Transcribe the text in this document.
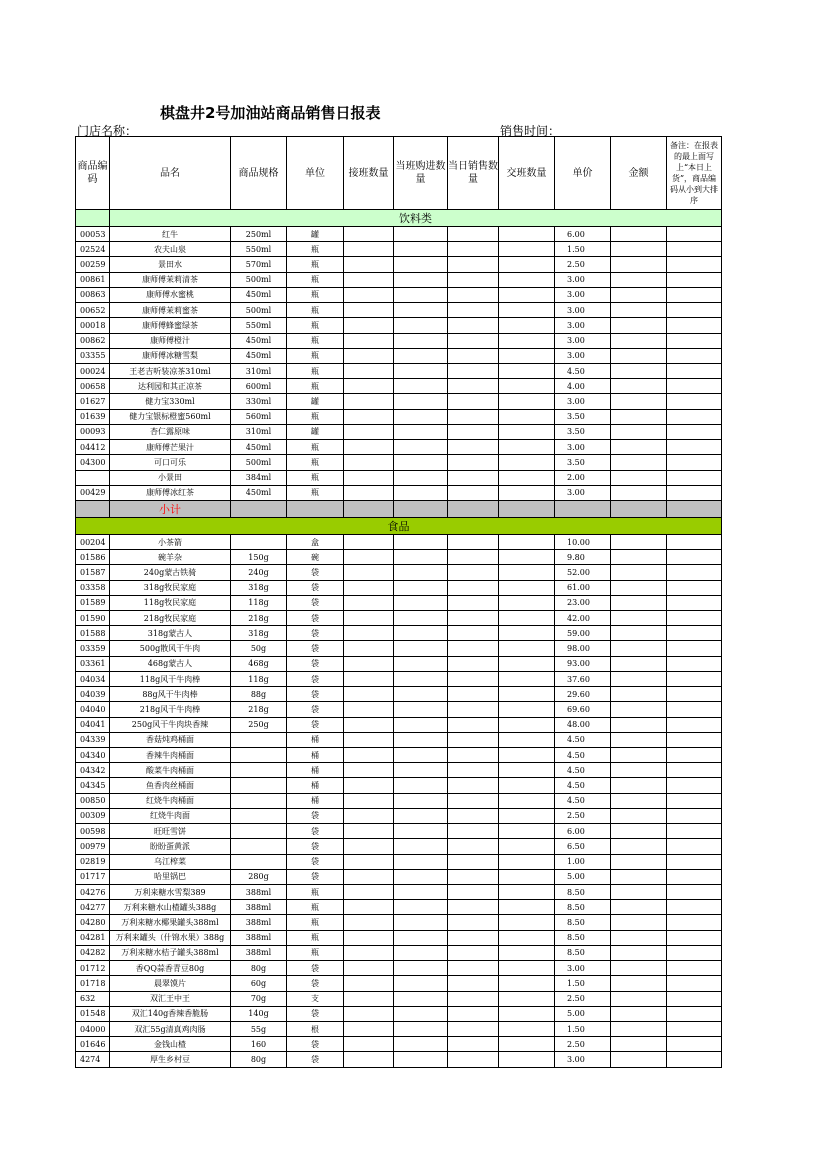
棋盘井2号加油站商品销售日报表
门店名称：	销售时间：
商品编码	品名	商品规格	单位	接班数量	当班购进数量	当日销售数量	交班数量	单价	金额	备注：在报表的最上面写上“本日上货”，商品编码从小到大排序
	饮料类									
00053	红牛	250ml	罐					6.00		
02524	农夫山泉	550ml	瓶					1.50		
00259	景田水	570ml	瓶					2.50		
00861	康师傅茉莉清茶	500ml	瓶					3.00		
00863	康师傅水蜜桃	450ml	瓶					3.00		
00652	康师傅茉莉蜜茶	500ml	瓶					3.00		
00018	康师傅蜂蜜绿茶	550ml	瓶					3.00		
00862	康师傅橙汁	450ml	瓶					3.00		
03355	康师傅冰糖雪梨	450ml	瓶					3.00		
00024	王老吉听装凉茶310ml	310ml	瓶					4.50		
00658	达利园和其正凉茶	600ml	瓶					4.00		
01627	健力宝330ml	330ml	罐					3.00		
01639	健力宝银标橙蜜560ml	560ml	瓶					3.50		
00093	杏仁露原味	310ml	罐					3.50		
04412	康师傅芒果汁	450ml	瓶					3.00		
04300	可口可乐	500ml	瓶					3.50		
	小景田	384ml	瓶					2.00		
00429	康师傅冰红茶	450ml	瓶					3.00		
	小计									
食品										
00204	小茶箭		盒					10.00		
01586	碗羊杂	150g	碗					9.80		
01587	240g蒙古铁骑	240g	袋					52.00		
03358	318g牧民家庭	318g	袋					61.00		
01589	118g牧民家庭	118g	袋					23.00		
01590	218g牧民家庭	218g	袋					42.00		
01588	318g蒙古人	318g	袋					59.00		
03359	500g散风干牛肉	50g	袋					98.00		
03361	468g蒙古人	468g	袋					93.00		
04034	118g风干牛肉棒	118g	袋					37.60		
04039	88g风干牛肉棒	88g	袋					29.60		
04040	218g风干牛肉棒	218g	袋					69.60		
04041	250g风干牛肉块香辣	250g	袋					48.00		
04339	香菇炖鸡桶面		桶					4.50		
04340	香辣牛肉桶面		桶					4.50		
04342	酸菜牛肉桶面		桶					4.50		
04345	鱼香肉丝桶面		桶					4.50		
00850	红烧牛肉桶面		桶					4.50		
00309	红烧牛肉面		袋					2.50		
00598	旺旺雪饼		袋					6.00		
00979	盼盼蛋黄派		袋					6.50		
02819	乌江榨菜		袋					1.00		
01717	哈里锅巴	280g	袋					5.00		
04276	万利来糖水雪梨389	388ml	瓶					8.50		
04277	万利来糖水山楂罐头388g	388ml	瓶					8.50		
04280	万利来糖水椰果罐头388ml	388ml	瓶					8.50		
04281	万利来罐头（什锦水果）388g	388ml	瓶					8.50		
04282	万利来糖水桔子罐头388ml	388ml	瓶					8.50		
01712	香QQ蒜香青豆80g	80g	袋					3.00		
01718	晨翠馍片	60g	袋					1.50		
632	双汇王中王	70g	支					2.50		
01548	双汇140g香辣香脆肠	140g	袋					5.00		
04000	双汇55g清真鸡肉肠	55g	根					1.50		
01646	金钱山楂	160	袋					2.50		
4274	厚生乡村豆	80g	袋					3.00		
